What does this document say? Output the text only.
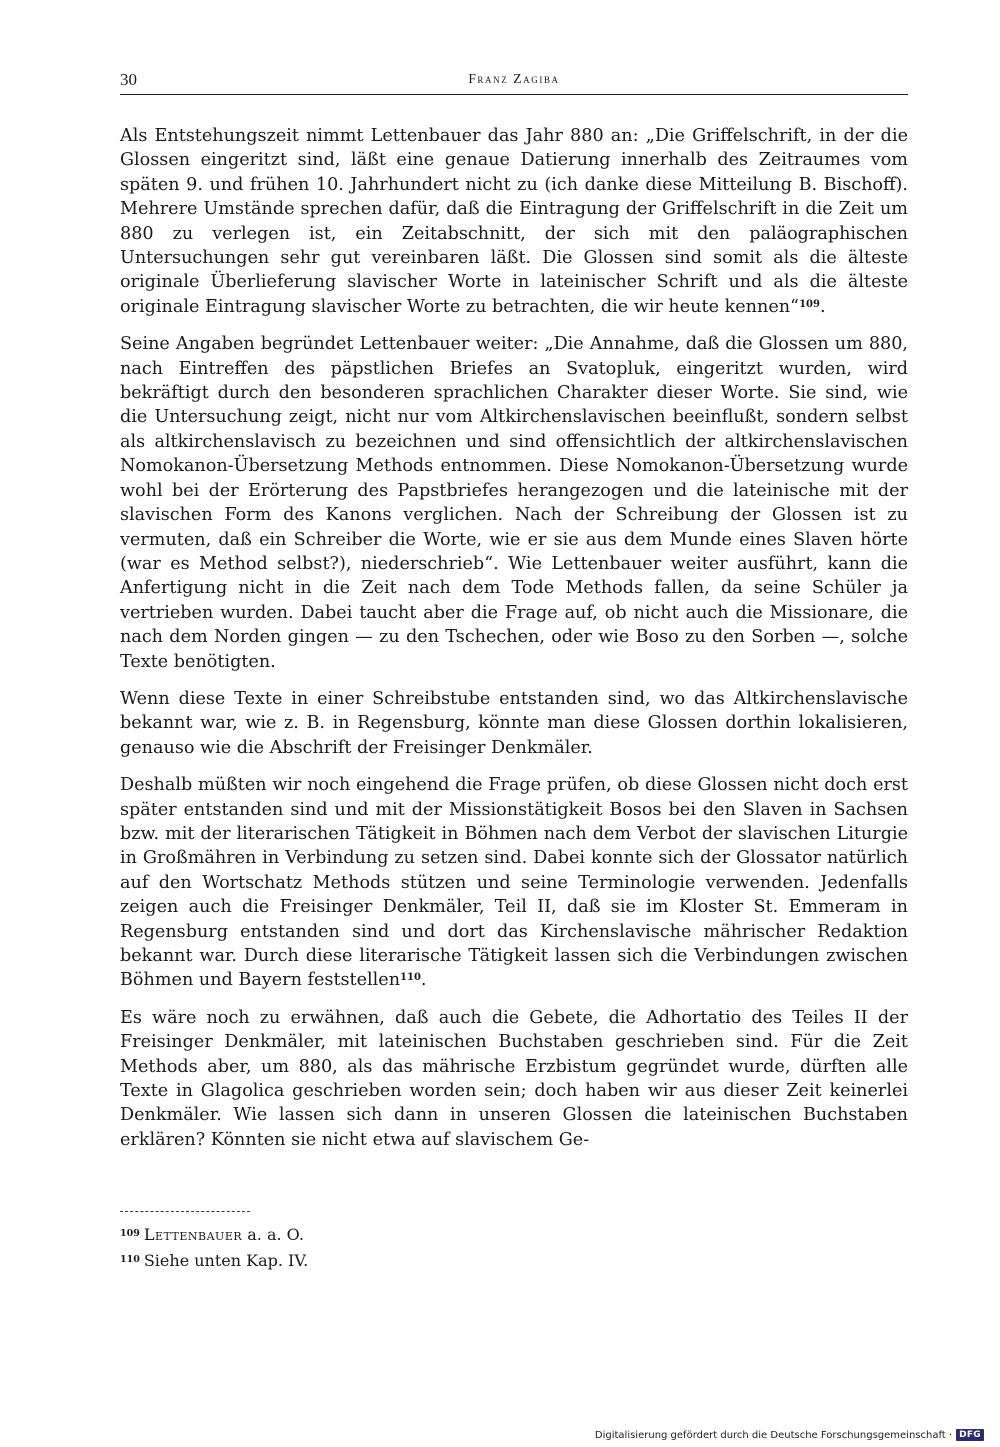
30	Franz Zagiba

Als Entstehungszeit nimmt Lettenbauer das Jahr 880 an: „Die Griffelschrift, in der die Glossen eingeritzt sind, läßt eine genaue Datierung innerhalb des Zeitraumes vom späten 9. und frühen 10. Jahrhundert nicht zu (ich danke diese Mitteilung B. Bischoff). Mehrere Umstände sprechen dafür, daß die Eintragung der Griffelschrift in die Zeit um 880 zu verlegen ist, ein Zeitabschnitt, der sich mit den paläographischen Untersuchungen sehr gut vereinbaren läßt. Die Glossen sind somit als die älteste originale Überlieferung slavischer Worte in lateinischer Schrift und als die älteste originale Eintragung slavischer Worte zu betrachten, die wir heute kennen“$^{109}$.

Seine Angaben begründet Lettenbauer weiter: „Die Annahme, daß die Glossen um 880, nach Eintreffen des päpstlichen Briefes an Svatopluk, eingeritzt wurden, wird bekräftigt durch den besonderen sprachlichen Charakter dieser Worte. Sie sind, wie die Untersuchung zeigt, nicht nur vom Altkirchenslavischen beeinflußt, sondern selbst als altkirchenslavisch zu bezeichnen und sind offensichtlich der altkirchenslavischen Nomokanon-Übersetzung Methods entnommen. Diese Nomokanon-Übersetzung wurde wohl bei der Erörterung des Papstbriefes herangezogen und die lateinische mit der slavischen Form des Kanons verglichen. Nach der Schreibung der Glossen ist zu vermuten, daß ein Schreiber die Worte, wie er sie aus dem Munde eines Slaven hörte (war es Method selbst?), niederschrieb“. Wie Lettenbauer weiter ausführt, kann die Anfertigung nicht in die Zeit nach dem Tode Methods fallen, da seine Schüler ja vertrieben wurden. Dabei taucht aber die Frage auf, ob nicht auch die Missionare, die nach dem Norden gingen — zu den Tschechen, oder wie Boso zu den Sorben —, solche Texte benötigten.

Wenn diese Texte in einer Schreibstube entstanden sind, wo das Altkirchenslavische bekannt war, wie z. B. in Regensburg, könnte man diese Glossen dorthin lokalisieren, genauso wie die Abschrift der Freisinger Denkmäler.

Deshalb müßten wir noch eingehend die Frage prüfen, ob diese Glossen nicht doch erst später entstanden sind und mit der Missionstätigkeit Bosos bei den Slaven in Sachsen bzw. mit der literarischen Tätigkeit in Böhmen nach dem Verbot der slavischen Liturgie in Großmähren in Verbindung zu setzen sind. Dabei konnte sich der Glossator natürlich auf den Wortschatz Methods stützen und seine Terminologie verwenden. Jedenfalls zeigen auch die Freisinger Denkmäler, Teil II, daß sie im Kloster St. Emmeram in Regensburg entstanden sind und dort das Kirchenslavische mährischer Redaktion bekannt war. Durch diese literarische Tätigkeit lassen sich die Verbindungen zwischen Böhmen und Bayern feststellen$^{110}$.

Es wäre noch zu erwähnen, daß auch die Gebete, die Adhortatio des Teiles II der Freisinger Denkmäler, mit lateinischen Buchstaben geschrieben sind. Für die Zeit Methods aber, um 880, als das mährische Erzbistum gegründet wurde, dürften alle Texte in Glagolica geschrieben worden sein; doch haben wir aus dieser Zeit keinerlei Denkmäler. Wie lassen sich dann in unseren Glossen die lateinischen Buchstaben erklären? Könnten sie nicht etwa auf slavischem Ge-

$^{109}$ Lettenbauer a. a. O.

$^{110}$ Siehe unten Kap. IV.

Digitalisierung gefördert durch die Deutsche Forschungsgemeinschaft · DFG
